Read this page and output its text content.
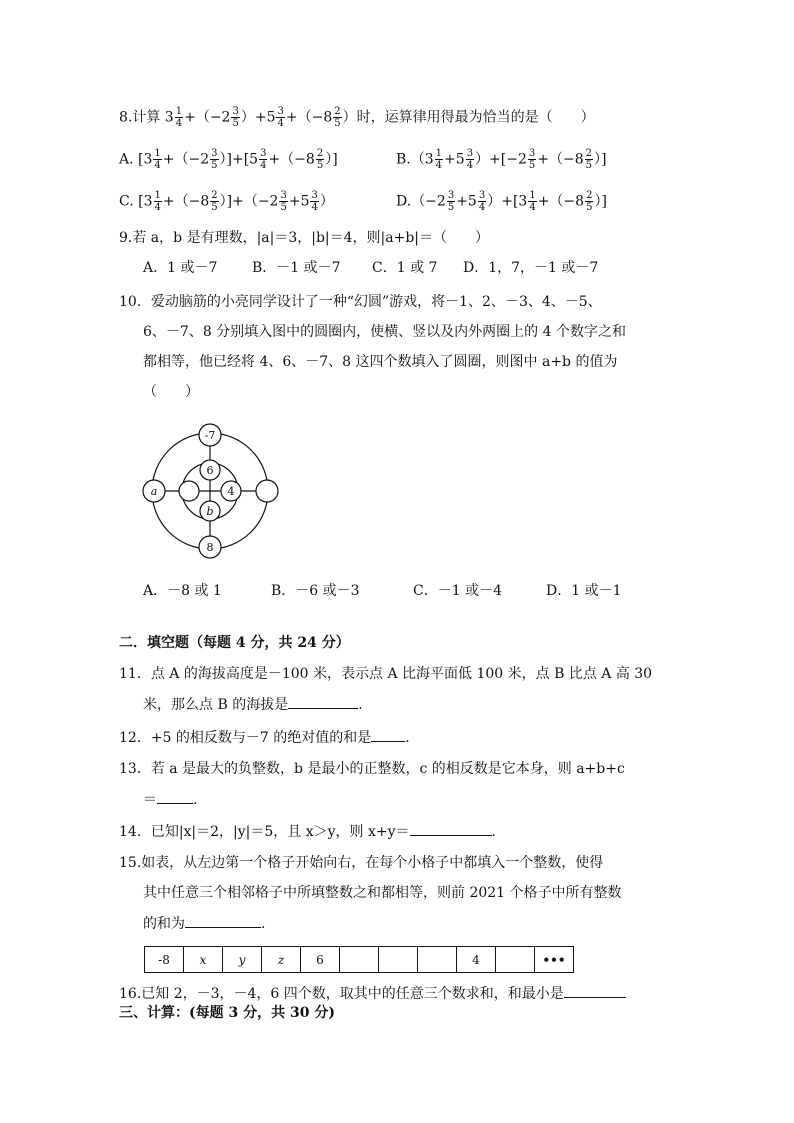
8.计算 $3 \frac{1}{4} +(-2 \frac{3}{5} )+5 \frac{3}{4} +(-8 \frac{2}{5}$ ）时，运算律用得最为恰当的是（　　）
A. $[3 \frac{1}{4} +(-2 \frac{3}{5} )]+[5 \frac{3}{4} +(-8 \frac{2}{5}$ ）]	$B.(3 \frac{1}{4} +5 \frac{3}{4} )+[-2 \frac{3}{5} +(-8 \frac{2}{5}$ ）]
C. $[3 \frac{1}{4} +(-8 \frac{2}{5} )]+(-2 \frac{3}{5} +5 \frac{3}{4}$ ）	$D.(-2 \frac{3}{5} +5 \frac{3}{4} )+[3 \frac{1}{4} +(-8 \frac{2}{5}$ ）]
9.若 a，b 是有理数，|a|＝3，|b|＝4，则|a+b|＝（　　）
A．1 或－7 B．－1 或－7 C．1 或 7 D．1，7，－1 或－7
10．爱动脑筋的小亮同学设计了一种“幻圆”游戏，将－1、2、－3、4、－5、
6、－7、8 分别填入图中的圆圈内，使横、竖以及内外两圈上的 4 个数字之和
都相等，他已经将 4、6、－7、8 这四个数填入了圆圈，则图中 a+b 的值为
（　　）
-7
6
4
b
a
8
A．－8 或 1	B．－6 或－3	C．－1 或－4	D．1 或－1
二．填空题（每题 4 分，共 24 分）
11．点 A 的海拔高度是－100 米，表示点 A 比海平面低 100 米，点 B 比点 A 高 30
米，那么点 B 的海拔是	.
12．+5 的相反数与－7 的绝对值的和是 .
13．若 a 是最大的负整数，b 是最小的正整数，c 的相反数是它本身，则 a+b+c
＝	.
14．已知|x|＝2，|y|＝5，且 x＞y，则 x+y＝	.
15.如表，从左边第一个格子开始向右，在每个小格子中都填入一个整数，使得
其中任意三个相邻格子中所填整数之和都相等，则前 2021 个格子中所有整数
的和为	.
-8	x	y	z	6				4		•••
16.已知 2，－3，－4，6 四个数，取其中的任意三个数求和，和最小是
三、计算：(每题 3 分，共 30 分)
